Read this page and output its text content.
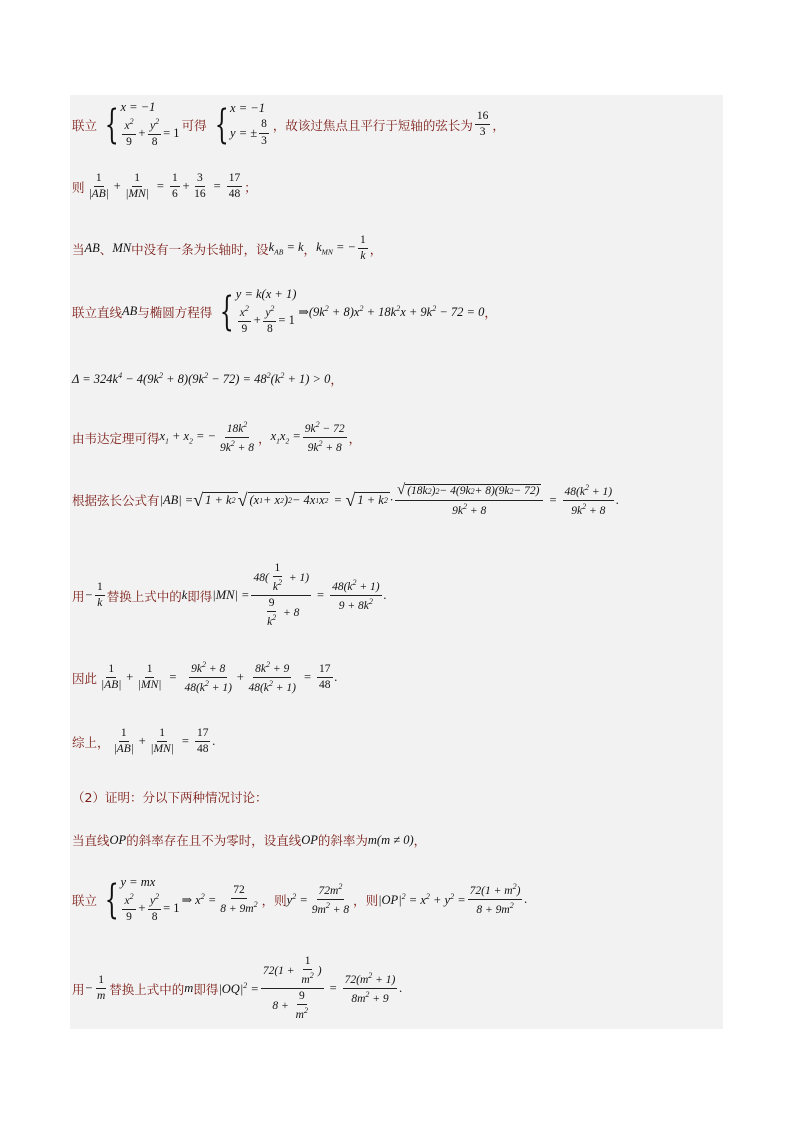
联立 { x = −1
$\frac{x^2}{9} + \frac{y^2}{8} = 1$ 可得 { x = −1
y = ± $\frac{8}{3}$ ，故该过焦点且平行于短轴的弦长为 $\frac{16}{3}$ ，
则 $\frac{1}{|AB|} + \frac{1}{|MN|} = \frac{1}{6} + \frac{3}{16} = \frac{17}{48}$ ；
当 AB 、 MN 中没有一条为长轴时，设 $k_{AB} = k$ ， $k_{MN}$ = − $\frac{1}{k}$ ，
联立直线 AB 与椭圆方程得 { y = k(x + 1)
$\frac{x^2}{9} + \frac{y^2}{8} = 1$
$\Rightarrow(9k^2 + 8)x^2 + 18k^2x + 9k^2 - 72 = 0$ ，
$\Delta = 324k^4 - 4(9k^2 + 8)(9k^2 - 72) = 48^2(k^2 + 1) > 0$ ，
由韦达定理可得 $x_1 + x_2$ = − $\frac{18k^2}{9k^2 + 8}$ ， $x_1x_2 = \frac{9k^2 - 72}{9k^2 + 8}$ ，
根据弦长公式有 |AB| = √ 1 + k 2 √ (x 1 + x 2 ) 2 − 4x 1 x 2 = √ 1 + k $2 \cdot \frac{√ (18k 2 ) 2 - 4(9k 2 + 8)(9k 2 - 72)}{9k^2 + 8} = \frac{48(k^2 + 1)}{9k^2 + 8}$ .
用 − $\frac{1}{k}$ 替换上式中的 k 即得 $|MN| = \frac{48( \frac{1}{k^2} + 1)}{\frac{9}{k^2} + 8} = \frac{48(k^2 + 1)}{9 + 8k^2}$ .
因此 $\frac{1}{|AB|} + \frac{1}{|MN|} = \frac{9k^2 + 8}{48(k^2 + 1)} + \frac{8k^2 + 9}{48(k^2 + 1)} = \frac{17}{48}$ .
综上， $\frac{1}{|AB|} + \frac{1}{|MN|} = \frac{17}{48}$ .
（2）证明：分以下两种情况讨论：
当直线 OP 的斜率存在且不为零时，设直线 OP 的斜率为 m(m ≠ 0) ，
联立 { y = mx
$\frac{x^2}{9} + \frac{y^2}{8} = 1$
⇒ $x^2 = \frac{72}{8 + 9m^2}$ ，则 $y^2 = \frac{72m^2}{9m^2 + 8}$ ，则 $|OP|^2 = x^2 + y^2 = \frac{72(1 + m^2)}{8 + 9m^2}$ .
用 − $\frac{1}{m}$ 替换上式中的 m 即得 $|OQ|^2 = \frac{72(1 + \frac{1}{m^2} )}{8 + \frac{9}{m^2}} = \frac{72(m^2 + 1)}{8m^2 + 9}$ .
